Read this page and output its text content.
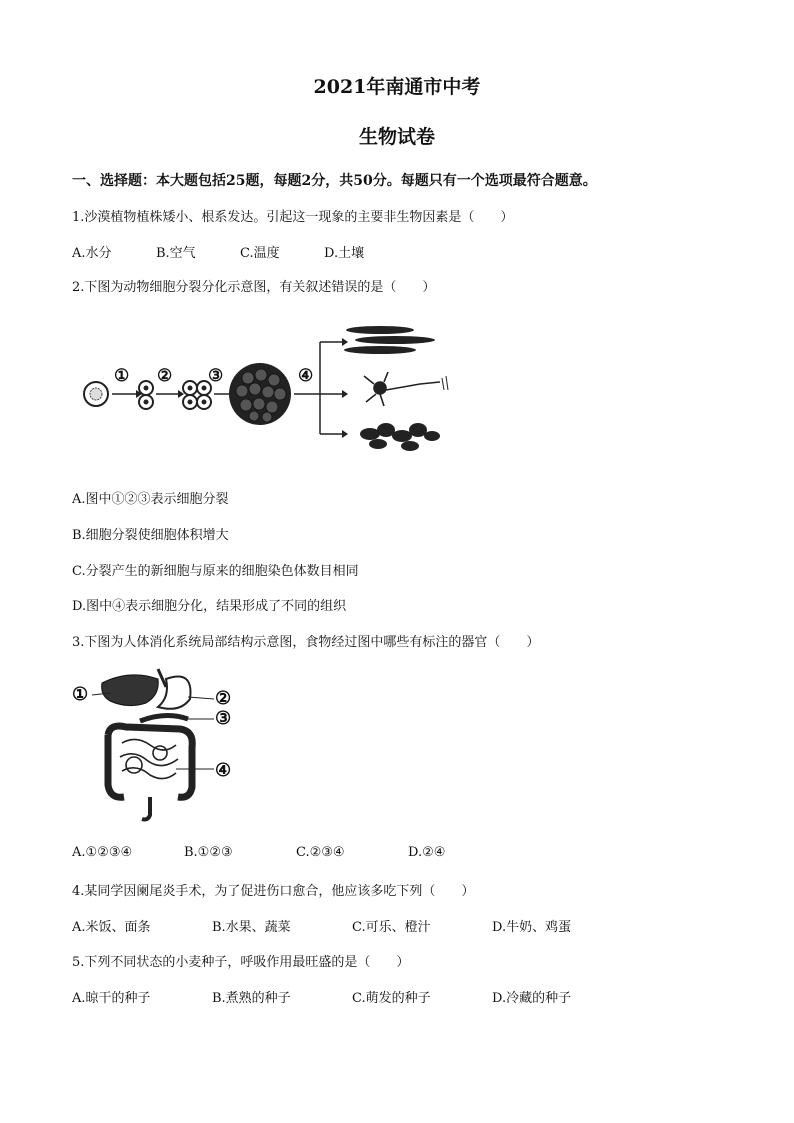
2021年南通市中考
生物试卷
一、选择题：本大题包括25题，每题2分，共50分。每题只有一个选项最符合题意。
1.沙漠植物植株矮小、根系发达。引起这一现象的主要非生物因素是（　　）
A.水分	B.空气	C.温度	D.土壤
2.下图为动物细胞分裂分化示意图，有关叙述错误的是（　　）
① ② ③	④
A.图中①②③表示细胞分裂
B.细胞分裂使细胞体积增大
C.分裂产生的新细胞与原来的细胞染色体数目相同
D.图中④表示细胞分化，结果形成了不同的组织
3.下图为人体消化系统局部结构示意图，食物经过图中哪些有标注的器官（　　）
①	②
③
④
A.①②③④	B.①②③	C.②③④	D.②④
4.某同学因阑尾炎手术，为了促进伤口愈合，他应该多吃下列（　　）
A.米饭、面条	B.水果、蔬菜	C.可乐、橙汁	D.牛奶、鸡蛋
5.下列不同状态的小麦种子，呼吸作用最旺盛的是（　　）
A.晾干的种子	B.煮熟的种子	C.萌发的种子	D.冷藏的种子
